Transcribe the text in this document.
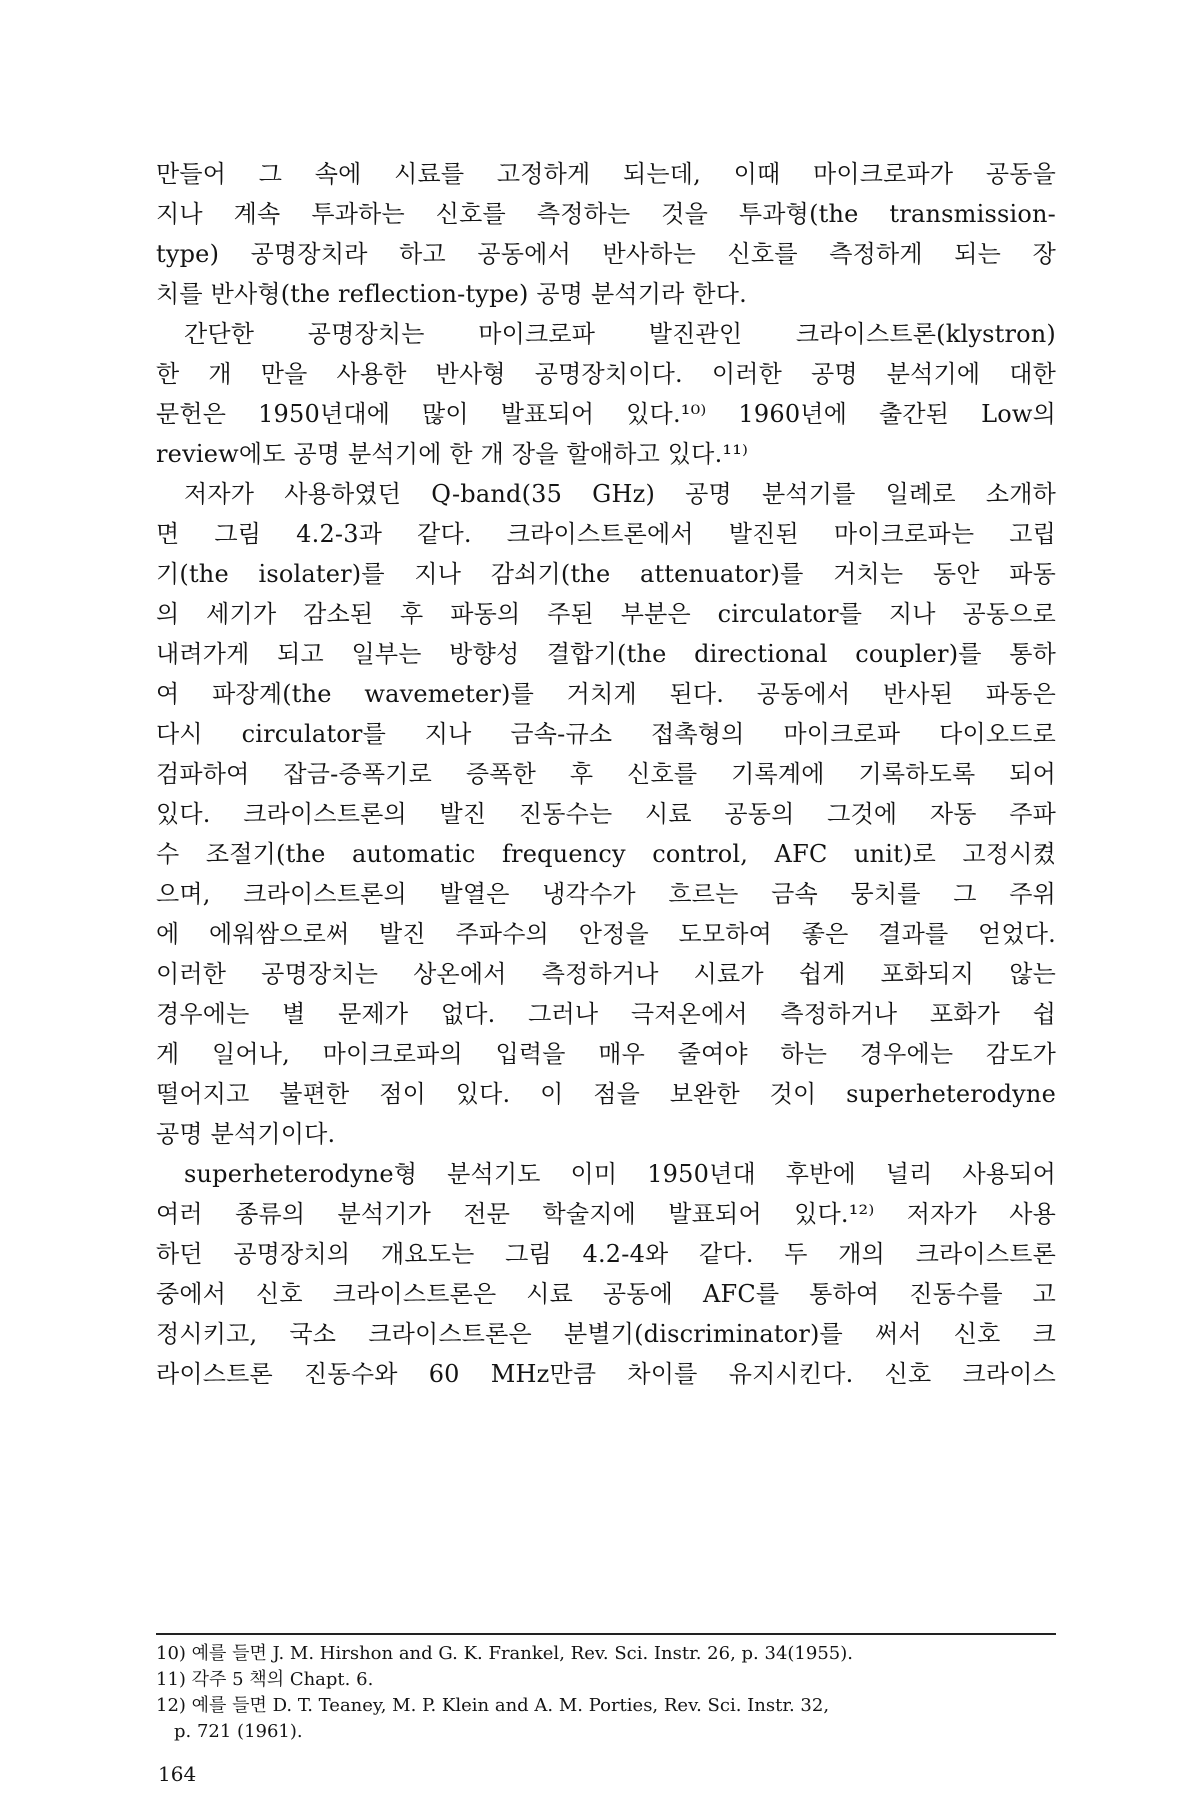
만들어 그 속에 시료를 고정하게 되는데, 이때 마이크로파가 공동을
지나 계속 투과하는 신호를 측정하는 것을 투과형(the transmission-
type) 공명장치라 하고 공동에서 반사하는 신호를 측정하게 되는 장
치를 반사형(the reflection-type) 공명 분석기라 한다.
간단한 공명장치는 마이크로파 발진관인 크라이스트론(klystron)
한 개 만을 사용한 반사형 공명장치이다. 이러한 공명 분석기에 대한
문헌은 1950년대에 많이 발표되어 있다.¹⁰⁾ 1960년에 출간된 Low의
review에도 공명 분석기에 한 개 장을 할애하고 있다.¹¹⁾
저자가 사용하였던 Q-band(35 GHz) 공명 분석기를 일례로 소개하
면 그림 4.2-3과 같다. 크라이스트론에서 발진된 마이크로파는 고립
기(the isolater)를 지나 감쇠기(the attenuator)를 거치는 동안 파동
의 세기가 감소된 후 파동의 주된 부분은 circulator를 지나 공동으로
내려가게 되고 일부는 방향성 결합기(the directional coupler)를 통하
여 파장계(the wavemeter)를 거치게 된다. 공동에서 반사된 파동은
다시 circulator를 지나 금속-규소 접촉형의 마이크로파 다이오드로
검파하여 잡금-증폭기로 증폭한 후 신호를 기록계에 기록하도록 되어
있다. 크라이스트론의 발진 진동수는 시료 공동의 그것에 자동 주파
수 조절기(the automatic frequency control, AFC unit)로 고정시켰
으며, 크라이스트론의 발열은 냉각수가 흐르는 금속 뭉치를 그 주위
에 에워쌈으로써 발진 주파수의 안정을 도모하여 좋은 결과를 얻었다.
이러한 공명장치는 상온에서 측정하거나 시료가 쉽게 포화되지 않는
경우에는 별 문제가 없다. 그러나 극저온에서 측정하거나 포화가 쉽
게 일어나, 마이크로파의 입력을 매우 줄여야 하는 경우에는 감도가
떨어지고 불편한 점이 있다. 이 점을 보완한 것이 superheterodyne
공명 분석기이다.
superheterodyne형 분석기도 이미 1950년대 후반에 널리 사용되어
여러 종류의 분석기가 전문 학술지에 발표되어 있다.¹²⁾ 저자가 사용
하던 공명장치의 개요도는 그림 4.2-4와 같다. 두 개의 크라이스트론
중에서 신호 크라이스트론은 시료 공동에 AFC를 통하여 진동수를 고
정시키고, 국소 크라이스트론은 분별기(discriminator)를 써서 신호 크
라이스트론 진동수와 60 MHz만큼 차이를 유지시킨다. 신호 크라이스
10) 예를 들면 J. M. Hirshon and G. K. Frankel, Rev. Sci. Instr. 26, p. 34(1955).
11) 각주 5 책의 Chapt. 6.
12) 예를 들면 D. T. Teaney, M. P. Klein and A. M. Porties, Rev. Sci. Instr. 32,
p. 721 (1961).
164
